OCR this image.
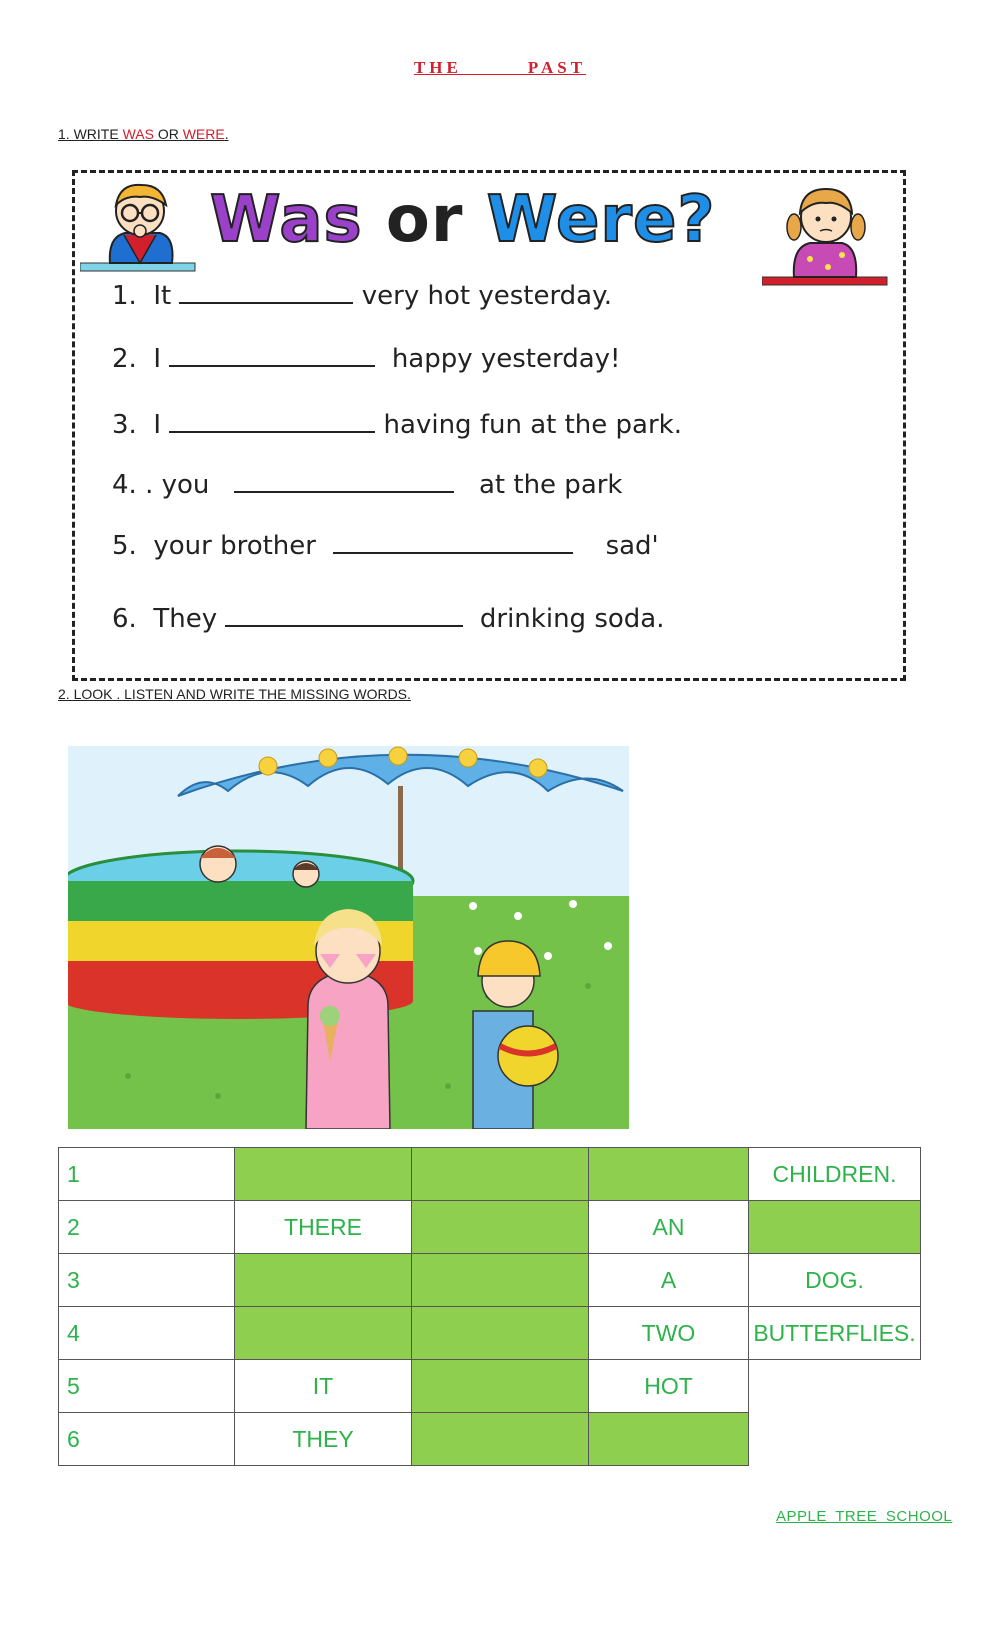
THE        PAST
1. WRITE WAS OR WERE.
Was or Were?
1. It	very hot yesterday.
2. I	happy yesterday!
3. I	having fun at the park.
4. . you	at the park
5. your brother	sad'
6. They	drinking soda.
2. LOOK . LISTEN AND WRITE THE MISSING WORDS.
1				CHILDREN.
2	THERE		AN	
3			A	DOG.
4			TWO	BUTTERFLIES.
5	IT		HOT	
6	THEY			
APPLE TREE SCHOOL
